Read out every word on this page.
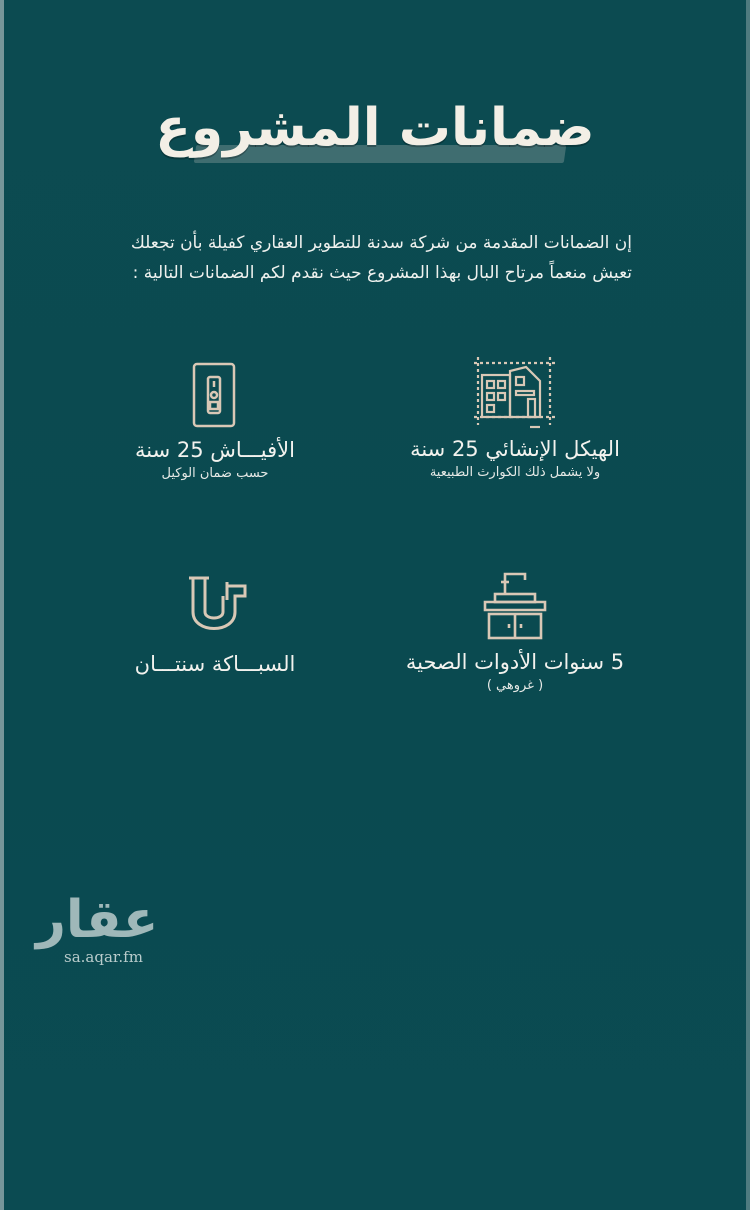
ضمانات المشروع
إن الضمانات المقدمة من شركة سدنة للتطوير العقاري كفيلة بأن تجعلك تعيش منعماً مرتاح البال بهذا المشروع حيث نقدم لكم الضمانات التالية :
الهيكل الإنشائي 25 سنة
ولا يشمل ذلك الكوارث الطبيعية
الأفيـــاش 25 سنة
حسب ضمان الوكيل
5 سنوات الأدوات الصحية
( غروهي )
السبـــاكة سنتـــان
عقار
sa.aqar.fm
